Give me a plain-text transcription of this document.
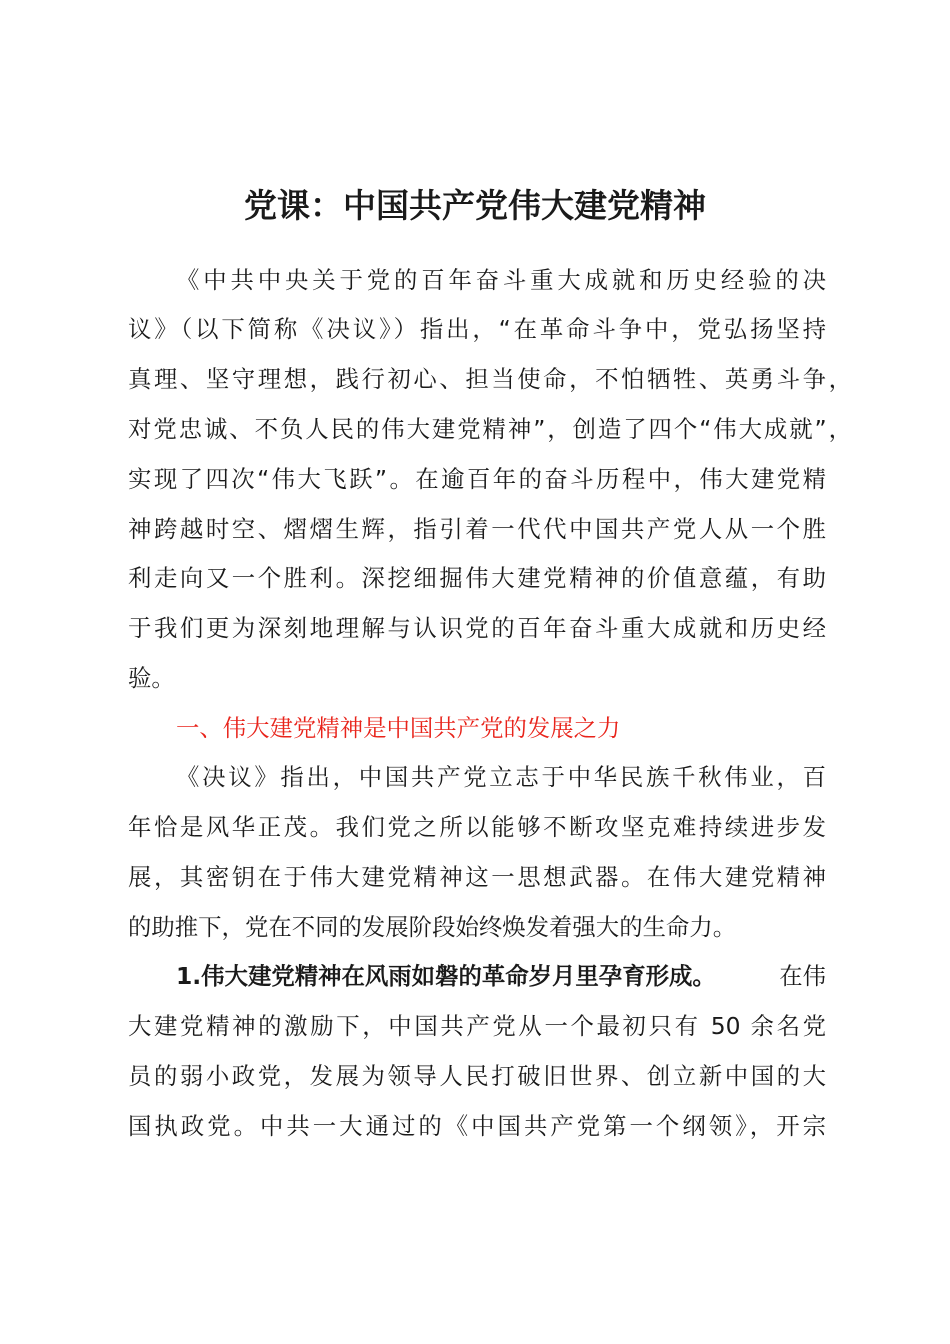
党课：中国共产党伟大建党精神
《中共中央关于党的百年奋斗重大成就和历史经验的决
议》（以下简称《决议》）指出，“在革命斗争中，党弘扬坚持
真理、坚守理想，践行初心、担当使命，不怕牺牲、英勇斗争，
对党忠诚、不负人民的伟大建党精神”，创造了四个“伟大成就”，
实现了四次“伟大飞跃”。在逾百年的奋斗历程中，伟大建党精
神跨越时空、熠熠生辉，指引着一代代中国共产党人从一个胜
利走向又一个胜利。深挖细掘伟大建党精神的价值意蕴，有助
于我们更为深刻地理解与认识党的百年奋斗重大成就和历史经
验。
一、伟大建党精神是中国共产党的发展之力
《决议》指出，中国共产党立志于中华民族千秋伟业，百
年恰是风华正茂。我们党之所以能够不断攻坚克难持续进步发
展，其密钥在于伟大建党精神这一思想武器。在伟大建党精神
的助推下，党在不同的发展阶段始终焕发着强大的生命力。
1.伟大建党精神在风雨如磐的革命岁月里孕育形成。	在伟
大建党精神的激励下，中国共产党从一个最初只有 50 余名党
员的弱小政党，发展为领导人民打破旧世界、创立新中国的大
国执政党。中共一大通过的《中国共产党第一个纲领》，开宗
